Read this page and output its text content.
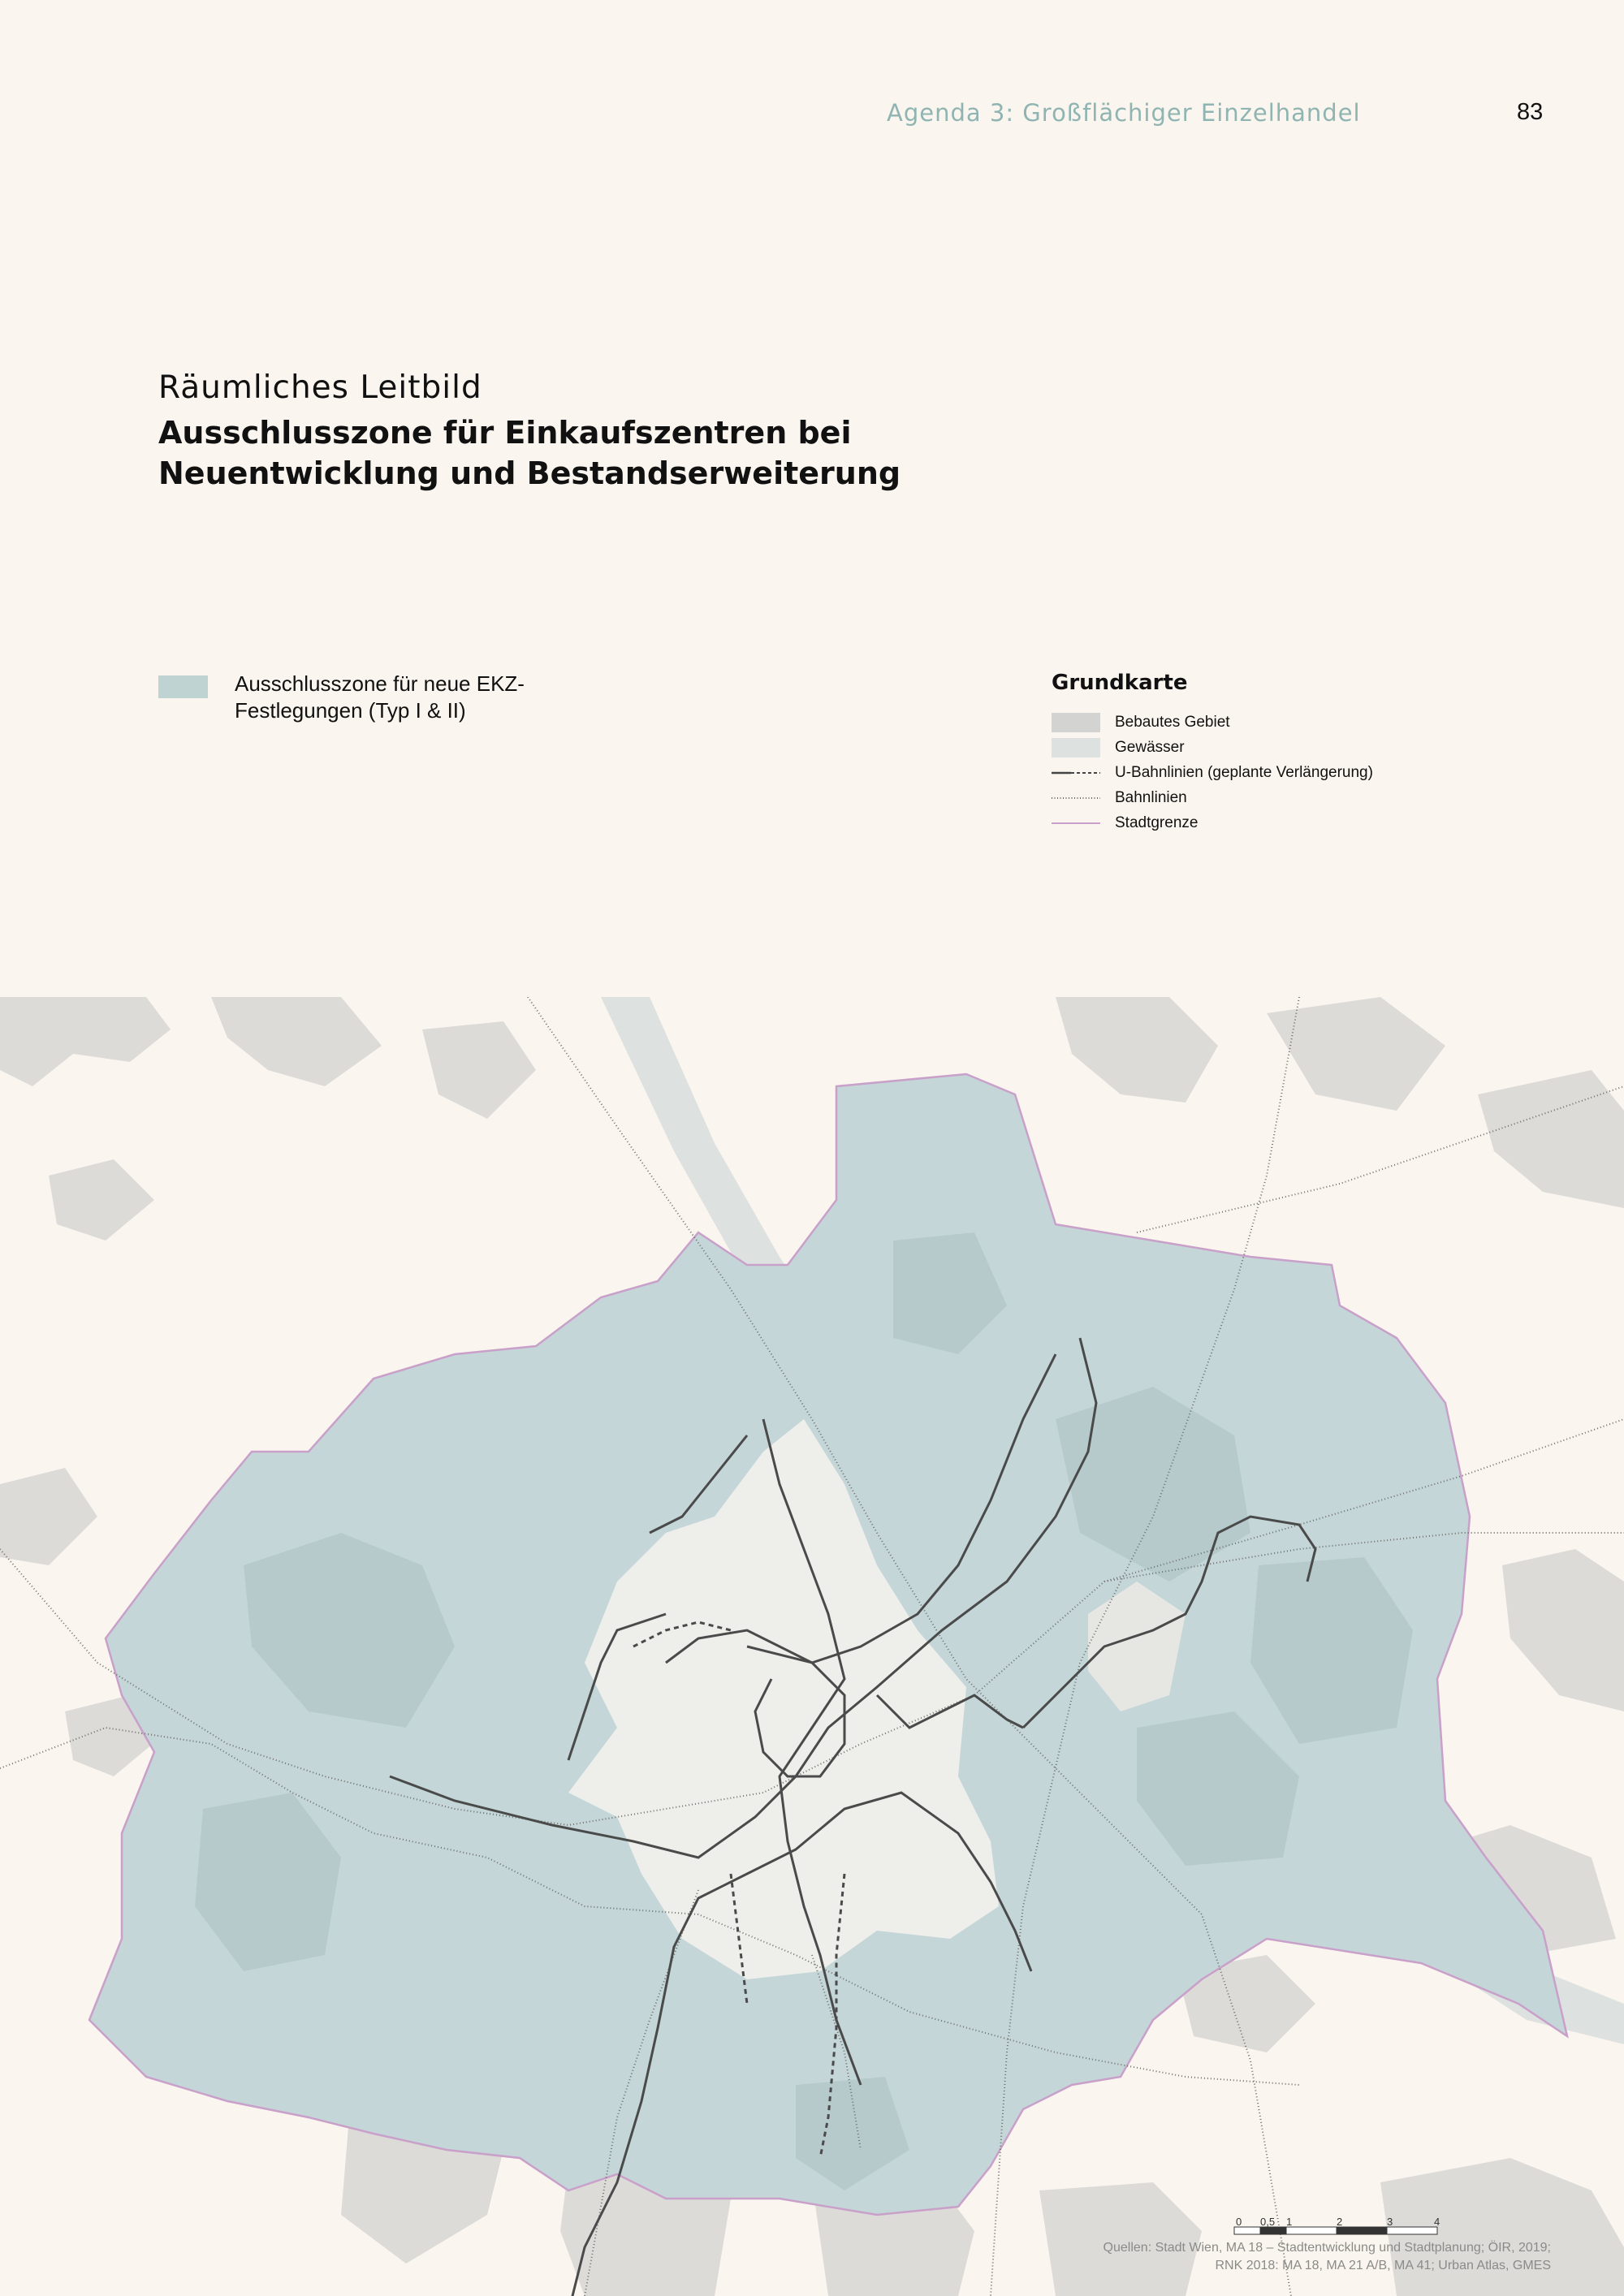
Agenda 3: Großflächiger Einzelhandel	83
Räumliches Leitbild
Ausschlusszone für Einkaufszentren bei Neuentwicklung und Bestandserweiterung
Ausschlusszone für neue EKZ-Festlegungen (Typ I & II)
Grundkarte
Bebautes Gebiet
Gewässer
U-Bahnlinien (geplante Verlängerung)
Bahnlinien
Stadtgrenze
0 0,5 1	2	3	4
Quellen: Stadt Wien, MA 18 – Stadtentwicklung und Stadtplanung; ÖIR, 2019;
RNK 2018: MA 18, MA 21 A/B, MA 41; Urban Atlas, GMES
